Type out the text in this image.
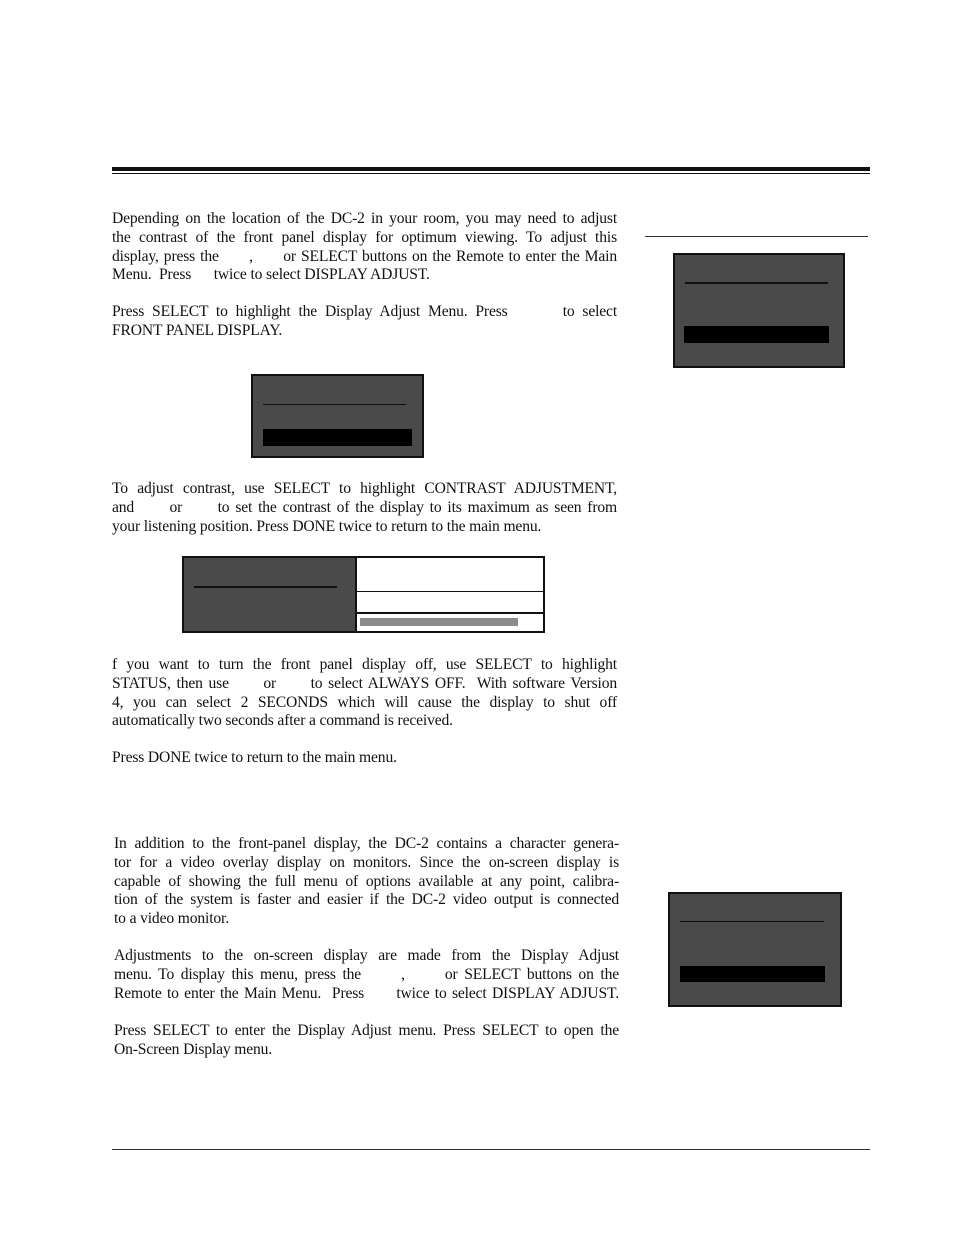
Depending on the location of the DC-2 in your room, you may need to adjust
the contrast of the front panel display for optimum viewing. To adjust this
display, press the      ,      or SELECT buttons on the Remote to enter the Main
Menu.  Press      twice to select DISPLAY ADJUST.

Press SELECT to highlight the Display Adjust Menu. Press       to select
FRONT PANEL DISPLAY.

To adjust contrast, use SELECT to highlight CONTRAST ADJUSTMENT,
and      or      to set the contrast of the display to its maximum as seen from
your listening position. Press DONE twice to return to the main menu.

f you want to turn the front panel display off, use SELECT to highlight
STATUS, then use      or      to select ALWAYS OFF.  With software Version
4, you can select 2 SECONDS which will cause the display to shut off
automatically two seconds after a command is received.

Press DONE twice to return to the main menu.

In addition to the front-panel display, the DC-2 contains a character genera-
tor for a video overlay display on monitors. Since the on-screen display is
capable of showing the full menu of options available at any point, calibra-
tion of the system is faster and easier if the DC-2 video output is connected
to a video monitor.

Adjustments to the on-screen display are made from the Display Adjust
menu. To display this menu, press the      ,      or SELECT buttons on the
Remote to enter the Main Menu.  Press      twice to select DISPLAY ADJUST.

Press SELECT to enter the Display Adjust menu. Press SELECT to open the
On-Screen Display menu.
